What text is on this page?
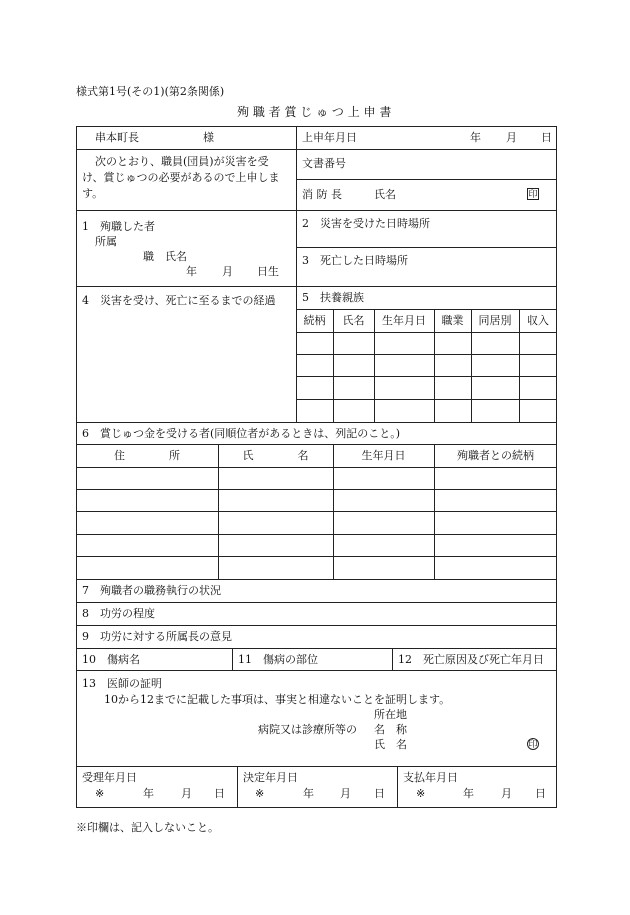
様式第1号(その1)(第2条関係)
殉 職 者 賞 じ ゅ つ 上 申 書
串本町長	様
次のとおり、職員(団員)が災害を受
け、賞じゅつの必要があるので上申しま
す。
上申年月日	年 月 日
文書番号
消 防 長	氏名	印
1　殉職した者
所属
職　氏名
年 月 日生
2　災害を受けた日時場所
3　死亡した日時場所
4　災害を受け、死亡に至るまでの経過 5　扶養親族
続柄	氏名	生年月日	職業	同居別	収入
6　賞じゅつ金を受ける者(同順位者があるときは、列記のこと。)
住　　　　所	氏　　　　名	生年月日	殉職者との続柄
7　殉職者の職務執行の状況
8　功労の程度
9　功労に対する所属長の意見
10　傷病名	11　傷病の部位	12　死亡原因及び死亡年月日
13　医師の証明
10から12までに記載した事項は、事実と相違ないことを証明します。
所在地
病院又は診療所等の 名　称
氏　名	印
受理年月日
※	年 月 日
決定年月日
※	年 月 日
支払年月日
※	年 月 日
※印欄は、記入しないこと。
